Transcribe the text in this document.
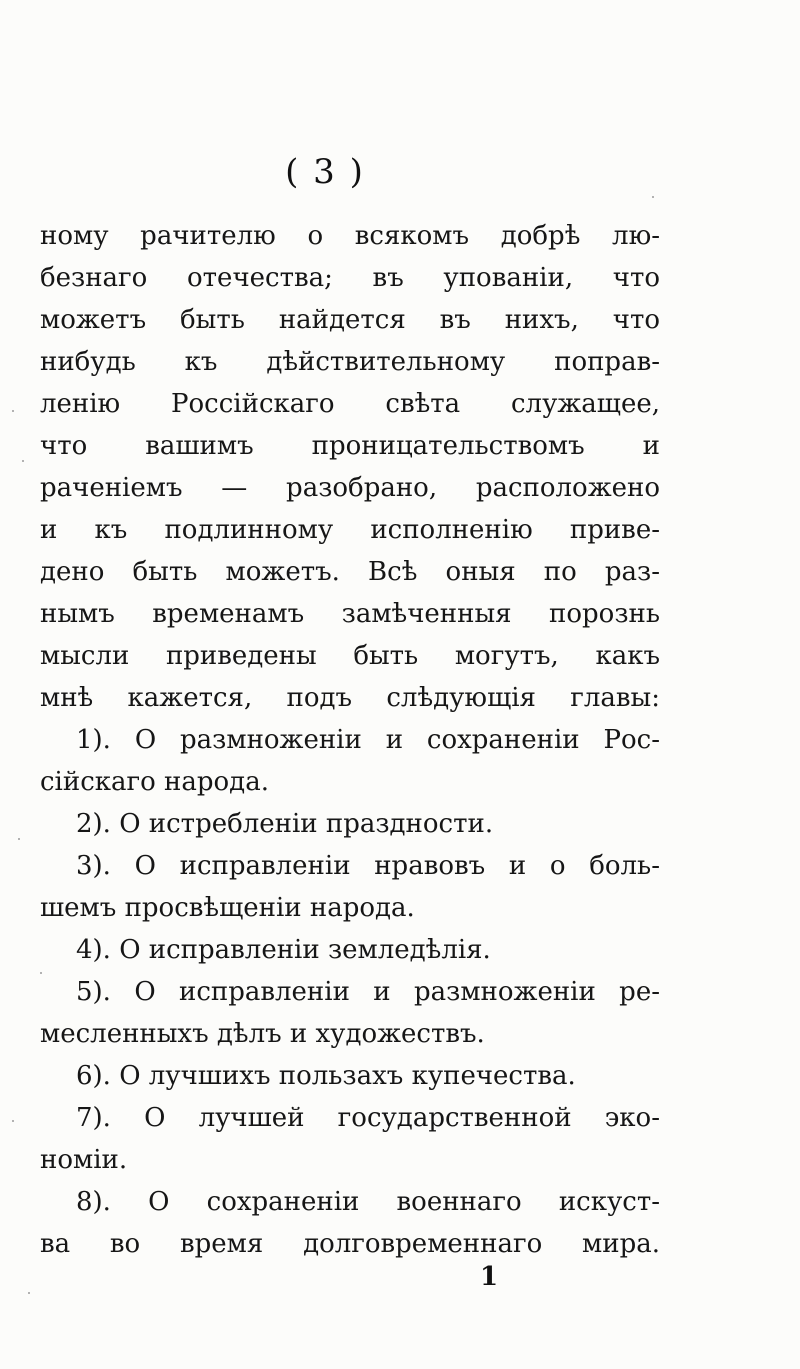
( 3 )
ному рачителю о всякомъ добрѣ лю-
безнаго отечества; въ упованіи, что
можетъ быть найдется въ нихъ, что
нибудь къ дѣйствительному поправ-
ленію Россійскаго свѣта служащее,
что вашимъ проницательствомъ и
раченіемъ — разобрано, расположено
и къ подлинному исполненію приве-
дено быть можетъ. Всѣ оныя по раз-
нымъ временамъ замѣченныя порознь
мысли приведены быть могутъ, какъ
мнѣ кажется, подъ слѣдующія главы:
1). О размноженіи и сохраненіи Рос-
сійскаго народа.
2). О истребленіи праздности.
3). О исправленіи нравовъ и о боль-
шемъ просвѣщеніи народа.
4). О исправленіи земледѣлія.
5). О исправленіи и размноженіи ре-
месленныхъ дѣлъ и художествъ.
6). О лучшихъ пользахъ купечества.
7). О лучшей государственной эко-
номіи.
8). О сохраненіи военнаго искуст-
ва во время долговременнаго мира.
1
